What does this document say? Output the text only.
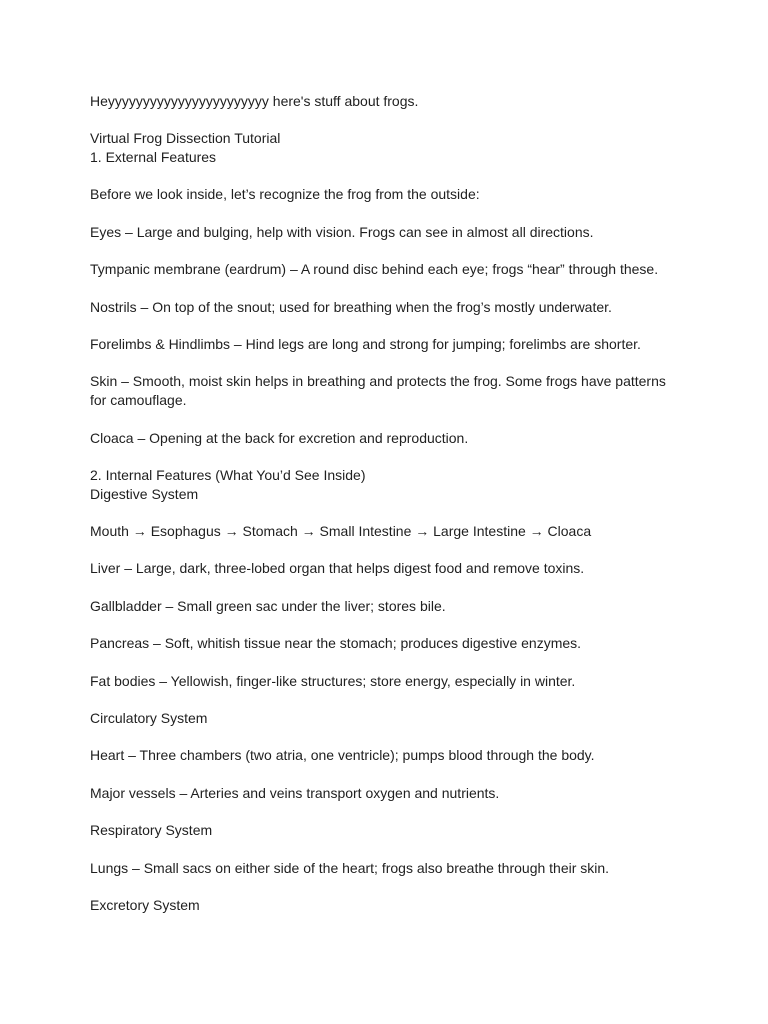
Heyyyyyyyyyyyyyyyyyyyyyyy here's stuff about frogs.

Virtual Frog Dissection Tutorial

1. External Features

Before we look inside, let’s recognize the frog from the outside:

Eyes – Large and bulging, help with vision. Frogs can see in almost all directions.

Tympanic membrane (eardrum) – A round disc behind each eye; frogs “hear” through these.

Nostrils – On top of the snout; used for breathing when the frog’s mostly underwater.

Forelimbs & Hindlimbs – Hind legs are long and strong for jumping; forelimbs are shorter.

Skin – Smooth, moist skin helps in breathing and protects the frog. Some frogs have patterns for camouflage.

Cloaca – Opening at the back for excretion and reproduction.

2. Internal Features (What You’d See Inside)

Digestive System

Mouth → Esophagus → Stomach → Small Intestine → Large Intestine → Cloaca

Liver – Large, dark, three-lobed organ that helps digest food and remove toxins.

Gallbladder – Small green sac under the liver; stores bile.

Pancreas – Soft, whitish tissue near the stomach; produces digestive enzymes.

Fat bodies – Yellowish, finger-like structures; store energy, especially in winter.

Circulatory System

Heart – Three chambers (two atria, one ventricle); pumps blood through the body.

Major vessels – Arteries and veins transport oxygen and nutrients.

Respiratory System

Lungs – Small sacs on either side of the heart; frogs also breathe through their skin.

Excretory System
